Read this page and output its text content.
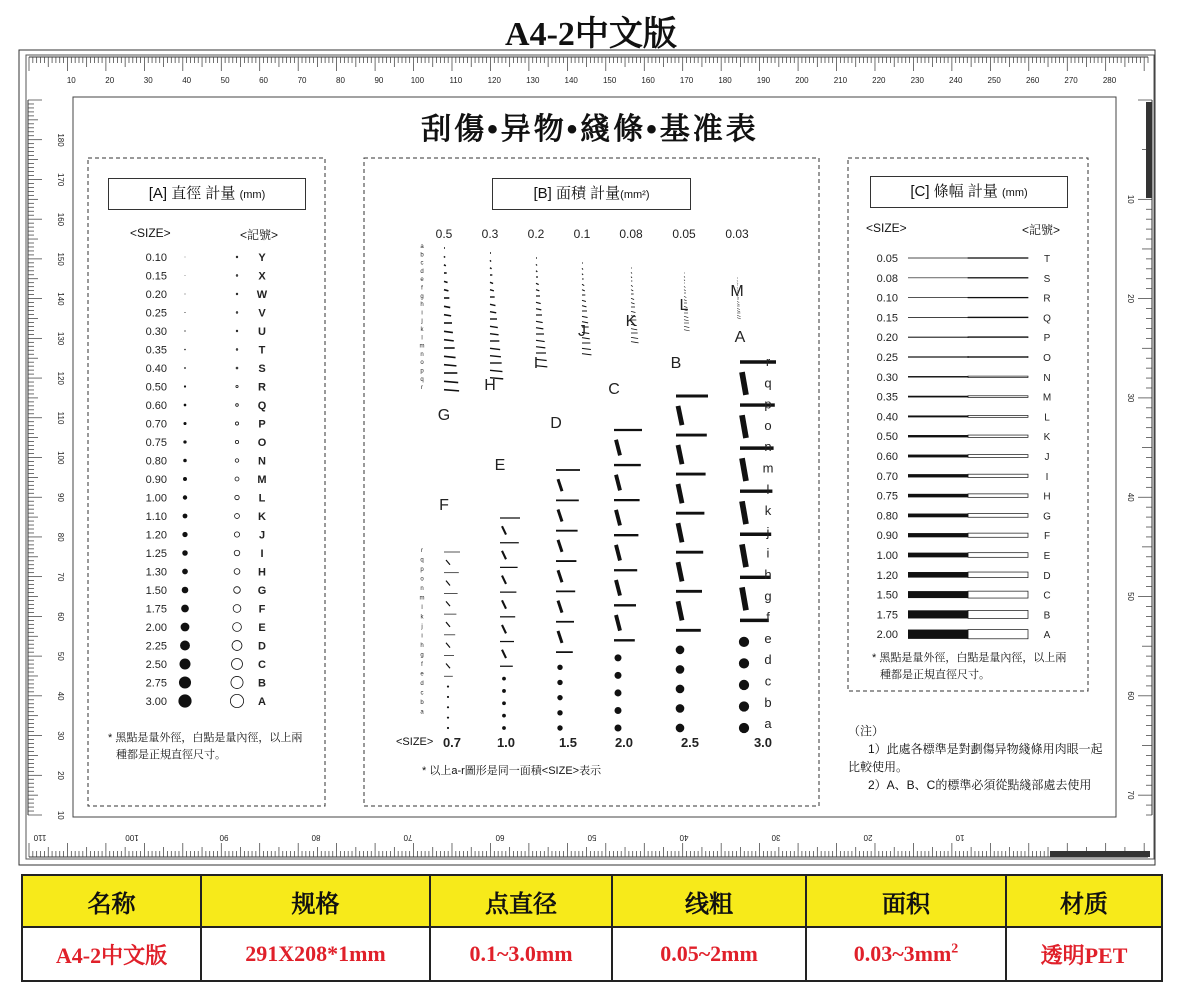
A4-2中文版
10	20	30	40	50	60	70	80	90	100	110	120	130	140	150	160	170	180	190	200	210	220	230	240	250	260	270	280
110	100	90	80	70	60	50	40	30	20	10
180
170
160
150
140
130
120
110
100
90
80
70
60
50
40
30
20
10
10
20
30
40
50
60
70
0.10	Y
0.15	X
0.20	W
0.25	V
0.30	U
0.35	T
0.40	S
0.50	R
0.60	Q
0.70	P
0.75	O
0.80	N
0.90	M
1.00	L
1.10	K
1.20	J
1.25	I
1.30	H
1.50	G
1.75	F
2.00	E
2.25	D
2.50	C
2.75	B
3.00	A
0.5 0.3 0.2 0.1 0.08 0.05 0.03
a
b
c
d
e
f
g
h
i
j
k
l
m
n
o
p
q
r
G
H
I
J
K
L
M
F
E
D
C
B
A
r
q
p
o
n
m
l
k
j
i
h
g
f
e
d
c
b
a
r
q
p
o
n
m
l
k
j
i
h
g
f
e
d
c
b
a
0.7	1.0	1.5	2.0	2.5	3.0
0.05	T
0.08	S
0.10	R
0.15	Q
0.20	P
0.25	O
0.30	N
0.35	M
0.40	L
0.50	K
0.60	J
0.70	I
0.75	H
0.80	G
0.90	F
1.00	E
1.20	D
1.50	C
1.75	B
2.00	A
刮傷•异物•綫條•基准表
[A] 直徑 計量 (mm)
<SIZE>	<記號>
* 黑點是量外徑，白點是量內徑，以上兩
種都是正規直徑尺寸。
[B] 面積 計量(mm²)
<SIZE>
* 以上a-r圖形是同一面積<SIZE>表示
[C] 條幅 計量 (mm)
<SIZE>	<記號>
* 黑點是量外徑，白點是量內徑，以上兩
種都是正規直徑尺寸。
（注）
1）此處各標準是對劃傷异物綫條用肉眼一起
比較使用。
2）A、B、C的標準必須從點綫部處去使用
名称	规格	点直径	线粗	面积	材质
A4-2中文版	291X208*1mm	0.1~3.0mm	0.05~2mm	$0.03\sim 3mm^2$	透明PET
